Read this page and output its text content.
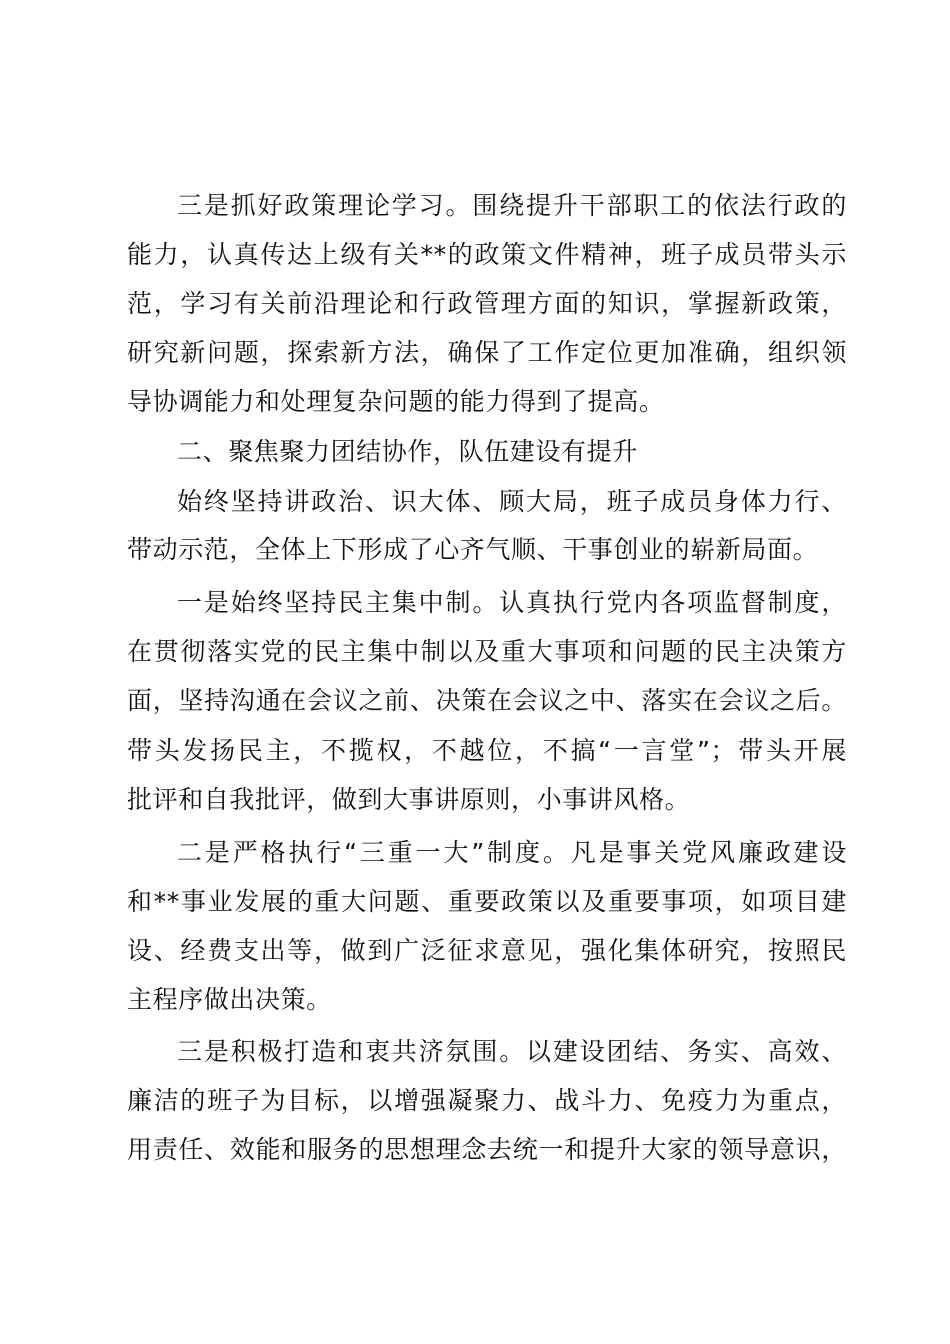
三是抓好政策理论学习。围绕提升干部职工的依法行政的
能力，认真传达上级有关**的政策文件精神，班子成员带头示
范，学习有关前沿理论和行政管理方面的知识，掌握新政策，
研究新问题，探索新方法，确保了工作定位更加准确，组织领
导协调能力和处理复杂问题的能力得到了提高。
二、聚焦聚力团结协作，队伍建设有提升
始终坚持讲政治、识大体、顾大局，班子成员身体力行、
带动示范，全体上下形成了心齐气顺、干事创业的崭新局面。
一是始终坚持民主集中制。认真执行党内各项监督制度，
在贯彻落实党的民主集中制以及重大事项和问题的民主决策方
面，坚持沟通在会议之前、决策在会议之中、落实在会议之后。
带头发扬民主，不揽权，不越位，不搞“一言堂”；带头开展
批评和自我批评，做到大事讲原则，小事讲风格。
二是严格执行“三重一大”制度。凡是事关党风廉政建设
和**事业发展的重大问题、重要政策以及重要事项，如项目建
设、经费支出等，做到广泛征求意见，强化集体研究，按照民
主程序做出决策。
三是积极打造和衷共济氛围。以建设团结、务实、高效、
廉洁的班子为目标，以增强凝聚力、战斗力、免疫力为重点，
用责任、效能和服务的思想理念去统一和提升大家的领导意识，
